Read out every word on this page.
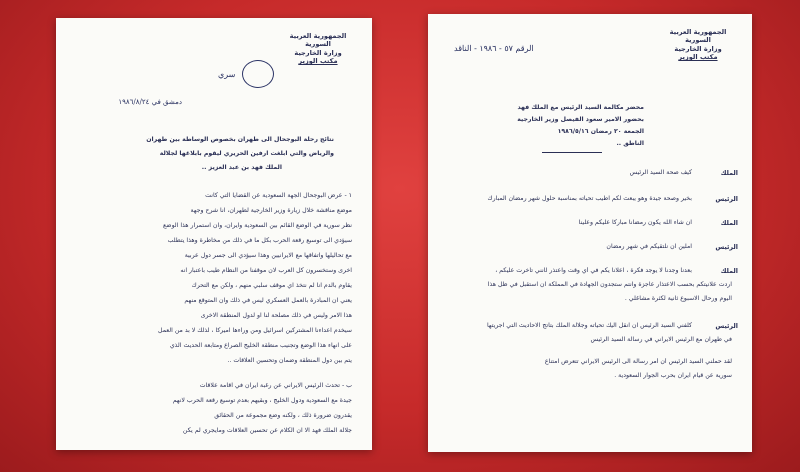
الجمهورية العربية السورية
وزارة الخارجية
مكتب الوزير
سري
دمشق في ١٩٨٦/٨/٢٤
نتائج رحلة البوجحال الى طهران بخصوص الوساطة بين طهران
والرياض والتي ابلغت ارفين الحريري ليقوم بابلاغها لجلالة
الملك فهد بن عبد العزيز ..
١ - عرض البوجحال الجهة السعودية عن القضايا التي كانت
موضع مناقشة خلال زيارة وزير الخارجية لطهران، انا شرح وجهة
نظر سورية في الوضع القائم بين السعودية وايران، وان استمرار هذا الوضع
سيؤدي الى توسيع رقعة الحرب بكل ما في ذلك من مخاطرة وهذا يتطلب
مع تحاليلها واتفاقها مع الايرانيين وهذا سيؤدي الى جسر دول عربية
اخرى وستخسرون كل العرب لان موقفنا من النظام طيب باعتبار انه
يقاوم بالدم انا لم نتخذ اي موقف سلبي منهم ، ولكن مع التحرك
يعني ان المبادرة بالعمل العسكري ليس في ذلك وان المتوقع منهم
هذا الامر وليس في ذلك مصلحة لنا او لدول المنطقة الاخرى
سيخدم اعداءنا المشتركين اسرائيل ومن وراءها اميركا ، لذلك لا بد من العمل
على انهاء هذا الوضع وتجنيب منطقة الخليج الصراع ومتابعة الحديث الذي
يتم بين دول المنطقة وضمان وتحسين العلاقات ..
ب - تحدث الرئيس الايراني عن رغبة ايران في اقامة علاقات
جيدة مع السعودية ودول الخليج ، وبقيهم بعدم توسيع رقعة الحرب لانهم
يقدرون ضرورة ذلك ، ولكنه وضع مجموعة من الحقائق
جلالة الملك فهد الا ان الكلام عن تحسين العلاقات ومايجري لم يكن
الجمهورية العربية السورية
وزارة الخارجية
مكتب الوزير
الرقم ٥٧ - ١٩٨٦ - الناقد
محضر مكالمة السيد الرئيس مع الملك فهد
بحضور الامير سعود الفيصل وزير الخارجية
الجمعة ٢٠ رمضان ١٩٨٦/٥/١٦
الناطق ..
الملك
كيف صحة السيد الرئيس
الرئيس
بخير وصحة جيدة وهو يبعث لكم اطيب تحياته بمناسبة حلول شهر رمضان المبارك
الملك
ان شاء الله يكون رمضانا مباركا عليكم وعلينا
الرئيس
آملين ان نلتقيكم في شهر رمضان
الملك
بعدنا وجدنا لا يوجد فكرة ، اعلانا يكم في أي وقت واعتذر لأنني تأخرت عليكم ،
اردت علانيتكم بحسب الاعتذار عاجزة وانتم ستجدون الجهادة في المملكة ان استقبل في ظل هذا
اليوم ورحال الاسبوع ثانية لكثرة مشاغلي .
الرئيس
كلفني السيد الرئيس ان انقل اليك تحياته وجلالة الملك بتاتج الاحاديث التي اجريتها
في طهران مع الرئيس الايراني في رسالة السيد الرئيس
لقد حملني السيد الرئيس أن أمر رسالة الى الرئيس الايراني تتعرض امتناع
سورية عن قيام ايران بحرب الجوار السعودية .
